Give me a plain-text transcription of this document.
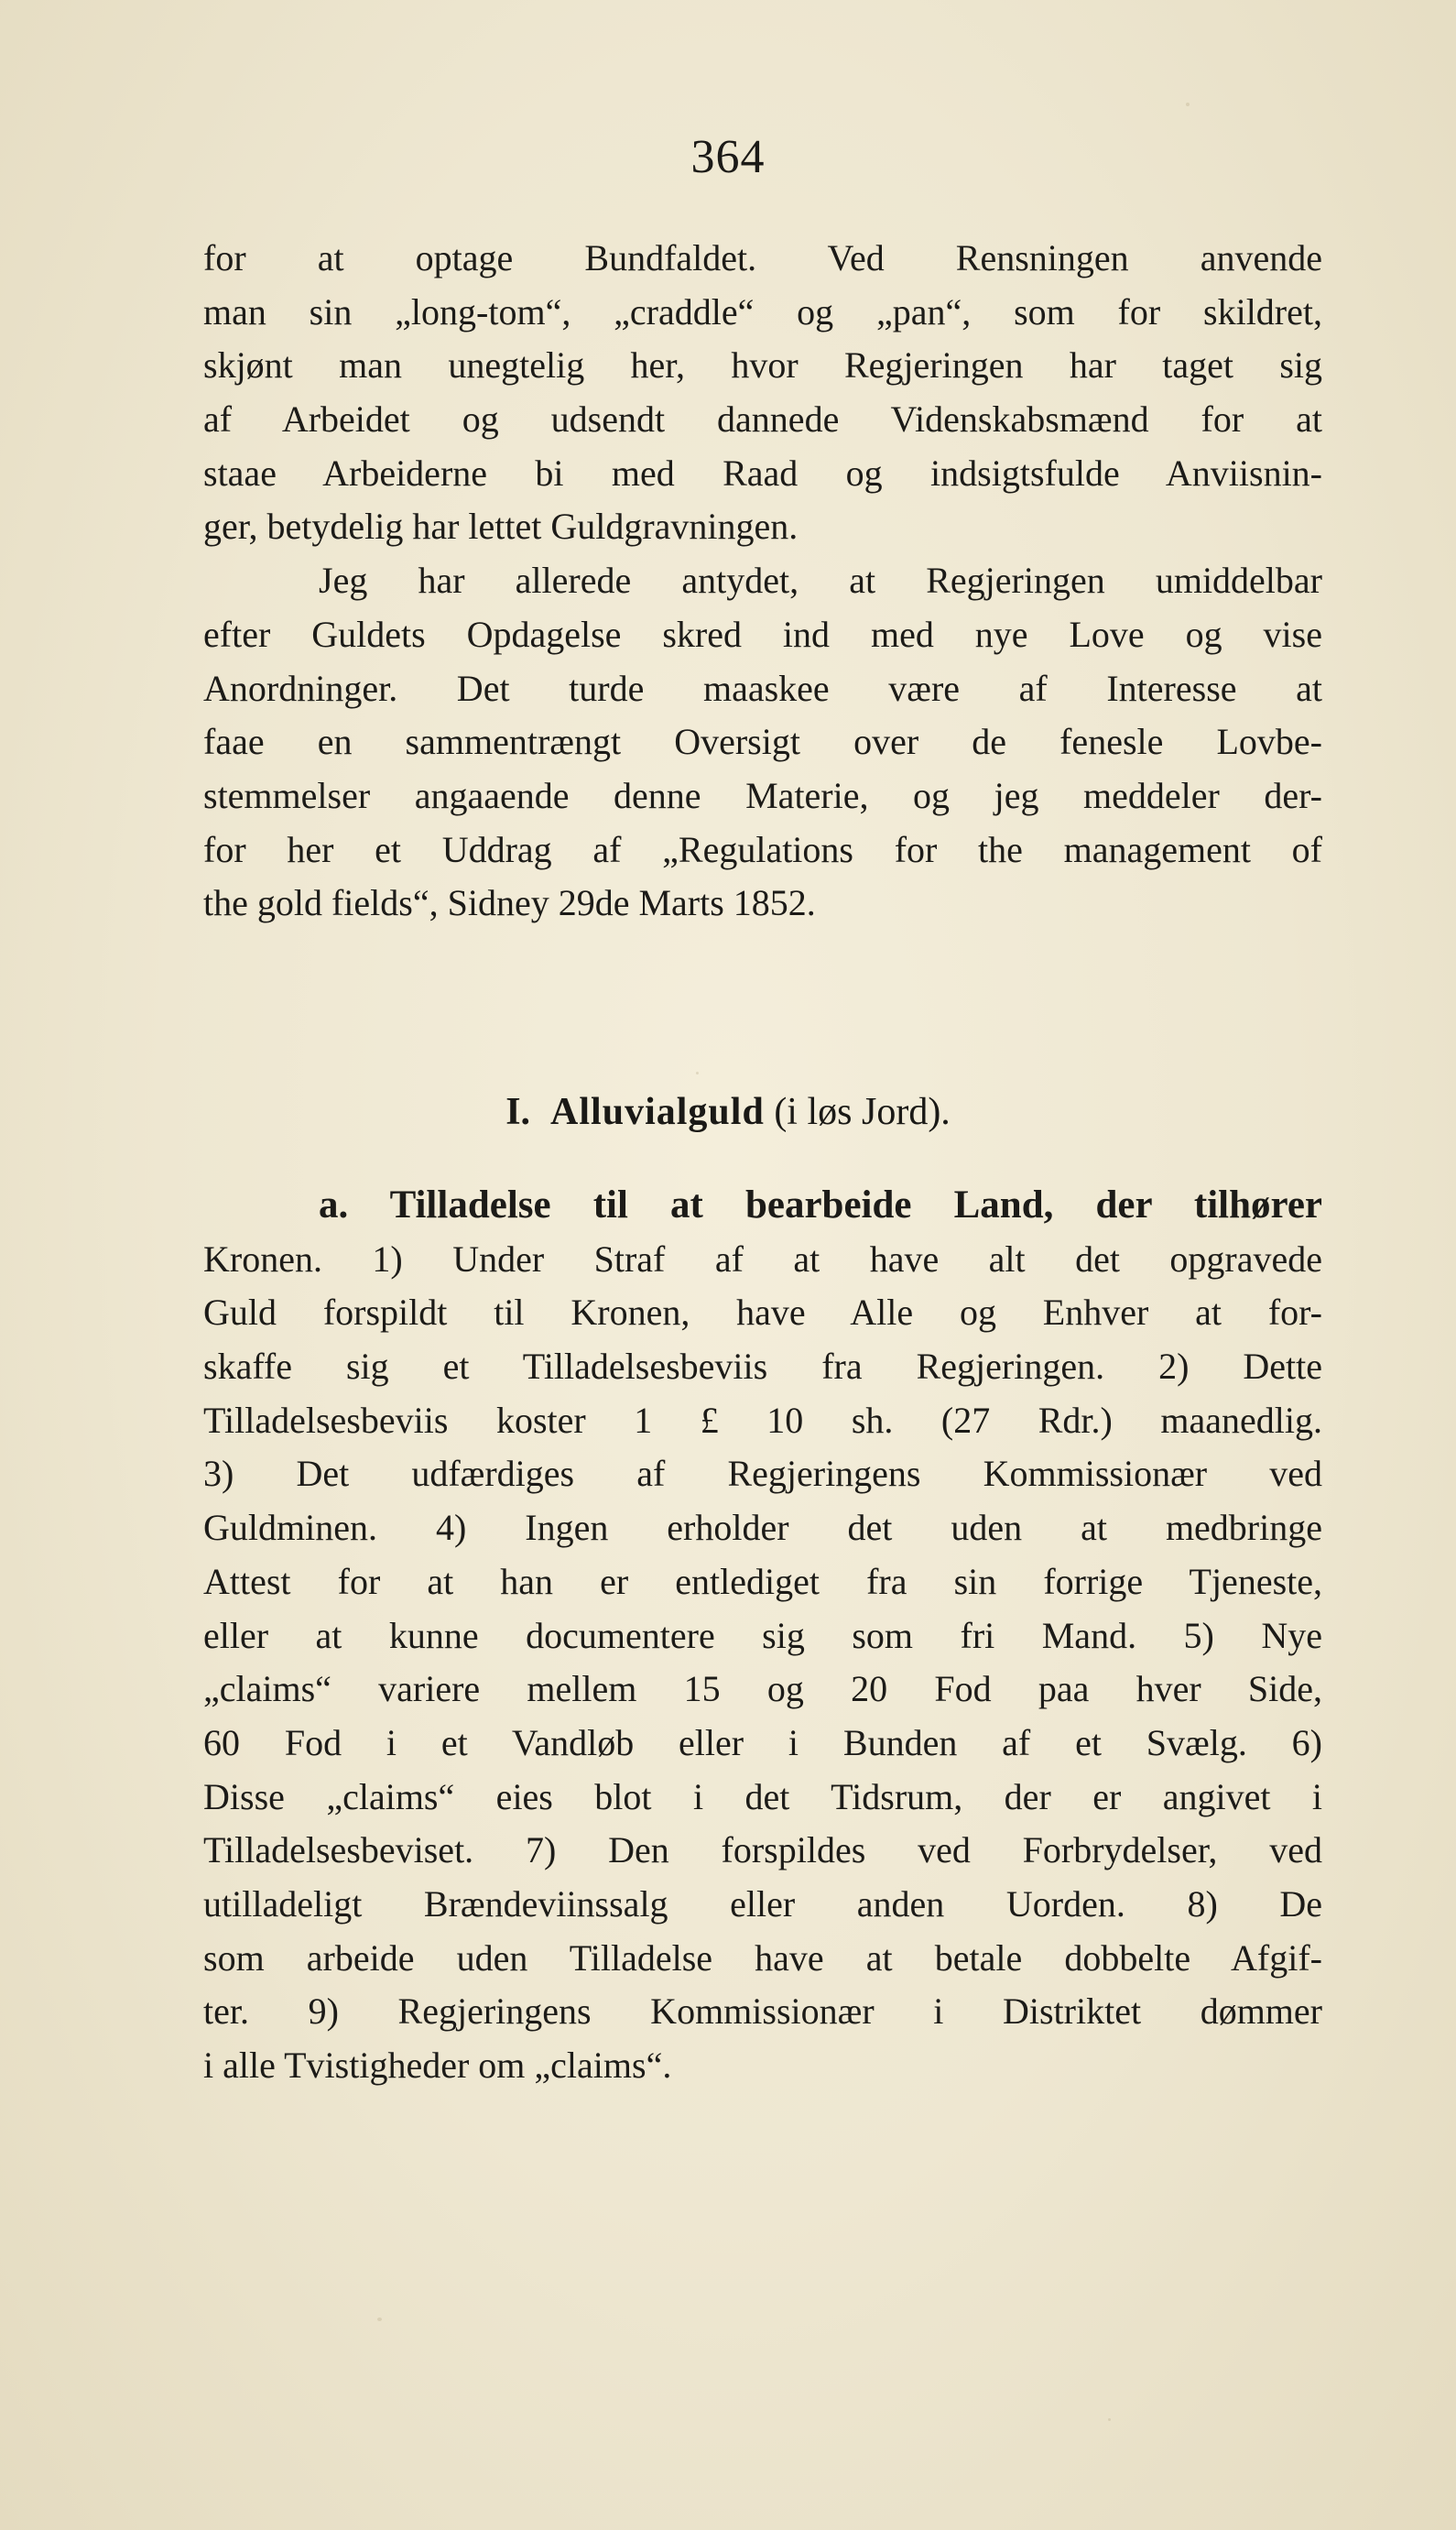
364
for at optage Bundfaldet. Ved Rensningen anvende
man sin „long-tom“, „craddle“ og „pan“, som for skildret,
skjønt man unegtelig her, hvor Regjeringen har taget sig
af Arbeidet og udsendt dannede Videnskabsmænd for at
staae Arbeiderne bi med Raad og indsigtsfulde Anviisnin-
ger, betydelig har lettet Guldgravningen.
Jeg har allerede antydet, at Regjeringen umiddelbar
efter Guldets Opdagelse skred ind med nye Love og vise
Anordninger. Det turde maaskee være af Interesse at
faae en sammentrængt Oversigt over de fenesle Lovbe-
stemmelser angaaende denne Materie, og jeg meddeler der-
for her et Uddrag af „Regulations for the management of
the gold fields“, Sidney 29de Marts 1852.
I. Alluvialguld (i løs Jord).
a. Tilladelse til at bearbeide Land, der tilhører
Kronen. 1) Under Straf af at have alt det opgravede
Guld forspildt til Kronen, have Alle og Enhver at for-
skaffe sig et Tilladelsesbeviis fra Regjeringen. 2) Dette
Tilladelsesbeviis koster 1 £ 10 sh. (27 Rdr.) maanedlig.
3) Det udfærdiges af Regjeringens Kommissionær ved
Guldminen. 4) Ingen erholder det uden at medbringe
Attest for at han er entlediget fra sin forrige Tjeneste,
eller at kunne documentere sig som fri Mand. 5) Nye
„claims“ variere mellem 15 og 20 Fod paa hver Side,
60 Fod i et Vandløb eller i Bunden af et Svælg. 6)
Disse „claims“ eies blot i det Tidsrum, der er angivet i
Tilladelsesbeviset. 7) Den forspildes ved Forbrydelser, ved
utilladeligt Brændeviinssalg eller anden Uorden. 8) De
som arbeide uden Tilladelse have at betale dobbelte Afgif-
ter. 9) Regjeringens Kommissionær i Distriktet dømmer
i alle Tvistigheder om „claims“.
